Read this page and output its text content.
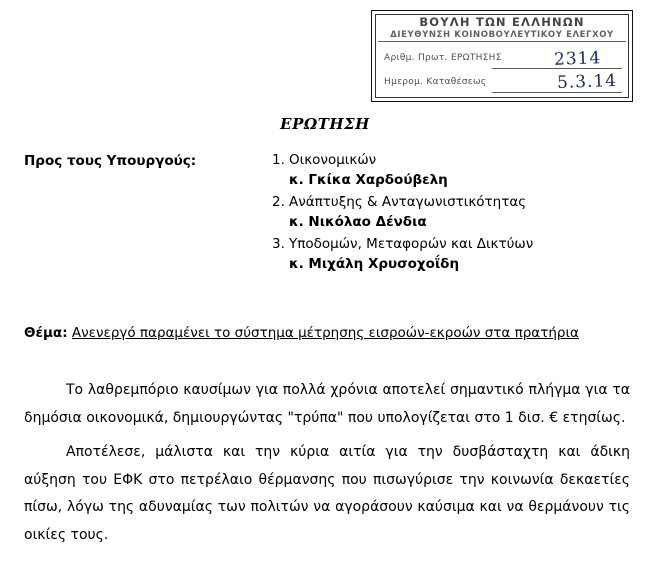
ΒΟΥΛΗ ΤΩΝ ΕΛΛΗΝΩΝ
ΔΙΕΥΘΥΝΣΗ ΚΟΙΝΟΒΟΥΛΕΥΤΙΚΟΥ ΕΛΕΓΧΟΥ
Αριθμ. Πρωτ. ΕΡΩΤΗΣΗΣ	2314
Ημερομ. Καταθέσεως	5.3.14
ΕΡΩΤΗΣΗ
Προς τους Υπουργούς:	1. Οικονομικών
κ. Γκίκα Χαρδούβελη
2. Ανάπτυξης & Ανταγωνιστικότητας
κ. Νικόλαο Δένδια
3. Υποδομών, Μεταφορών και Δικτύων
κ. Μιχάλη Χρυσοχοΐδη
Θέμα: Ανενεργό παραμένει το σύστημα μέτρησης εισροών-εκροών στα πρατήρια

Το λαθρεμπόριο καυσίμων για πολλά χρόνια αποτελεί σημαντικό πλήγμα για τα δημόσια οικονομικά, δημιουργώντας "τρύπα" που υπολογίζεται στο 1 δισ. € ετησίως.

Αποτέλεσε, μάλιστα και την κύρια αιτία για την δυσβάσταχτη και άδικη αύξηση του ΕΦΚ στο πετρέλαιο θέρμανσης που πισωγύρισε την κοινωνία δεκαετίες πίσω, λόγω της αδυναμίας των πολιτών να αγοράσουν καύσιμα και να θερμάνουν τις οικίες τους.
